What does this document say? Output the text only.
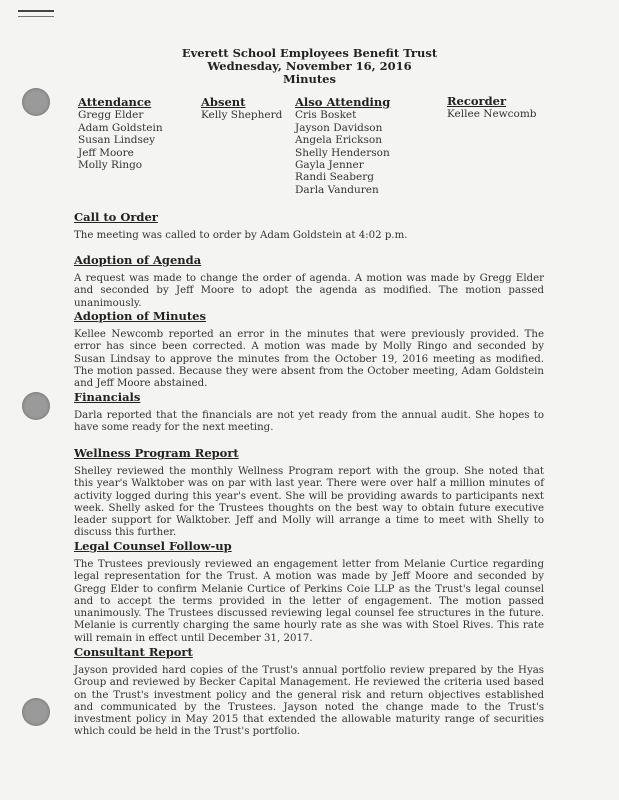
Everett School Employees Benefit Trust
Wednesday, November 16, 2016
Minutes
Attendance
Gregg Elder
Adam Goldstein
Susan Lindsey
Jeff Moore
Molly Ringo
Absent
Kelly Shepherd
Also Attending
Cris Bosket
Jayson Davidson
Angela Erickson
Shelly Henderson
Gayla Jenner
Randi Seaberg
Darla Vanduren
Recorder
Kellee Newcomb
Call to Order

The meeting was called to order by Adam Goldstein at 4:02 p.m.

Adoption of Agenda

A request was made to change the order of agenda. A motion was made by Gregg Elder and seconded by Jeff Moore to adopt the agenda as modified. The motion passed unanimously.

Adoption of Minutes

Kellee Newcomb reported an error in the minutes that were previously provided. The error has since been corrected. A motion was made by Molly Ringo and seconded by Susan Lindsay to approve the minutes from the October 19, 2016 meeting as modified. The motion passed. Because they were absent from the October meeting, Adam Goldstein and Jeff Moore abstained.

Financials

Darla reported that the financials are not yet ready from the annual audit. She hopes to have some ready for the next meeting.

Wellness Program Report

Shelley reviewed the monthly Wellness Program report with the group. She noted that this year's Walktober was on par with last year. There were over half a million minutes of activity logged during this year's event. She will be providing awards to participants next week. Shelly asked for the Trustees thoughts on the best way to obtain future executive leader support for Walktober. Jeff and Molly will arrange a time to meet with Shelly to discuss this further.

Legal Counsel Follow-up

The Trustees previously reviewed an engagement letter from Melanie Curtice regarding legal representation for the Trust. A motion was made by Jeff Moore and seconded by Gregg Elder to confirm Melanie Curtice of Perkins Coie LLP as the Trust's legal counsel and to accept the terms provided in the letter of engagement. The motion passed unanimously. The Trustees discussed reviewing legal counsel fee structures in the future. Melanie is currently charging the same hourly rate as she was with Stoel Rives. This rate will remain in effect until December 31, 2017.

Consultant Report

Jayson provided hard copies of the Trust's annual portfolio review prepared by the Hyas Group and reviewed by Becker Capital Management. He reviewed the criteria used based on the Trust's investment policy and the general risk and return objectives established and communicated by the Trustees. Jayson noted the change made to the Trust's investment policy in May 2015 that extended the allowable maturity range of securities which could be held in the Trust's portfolio.
